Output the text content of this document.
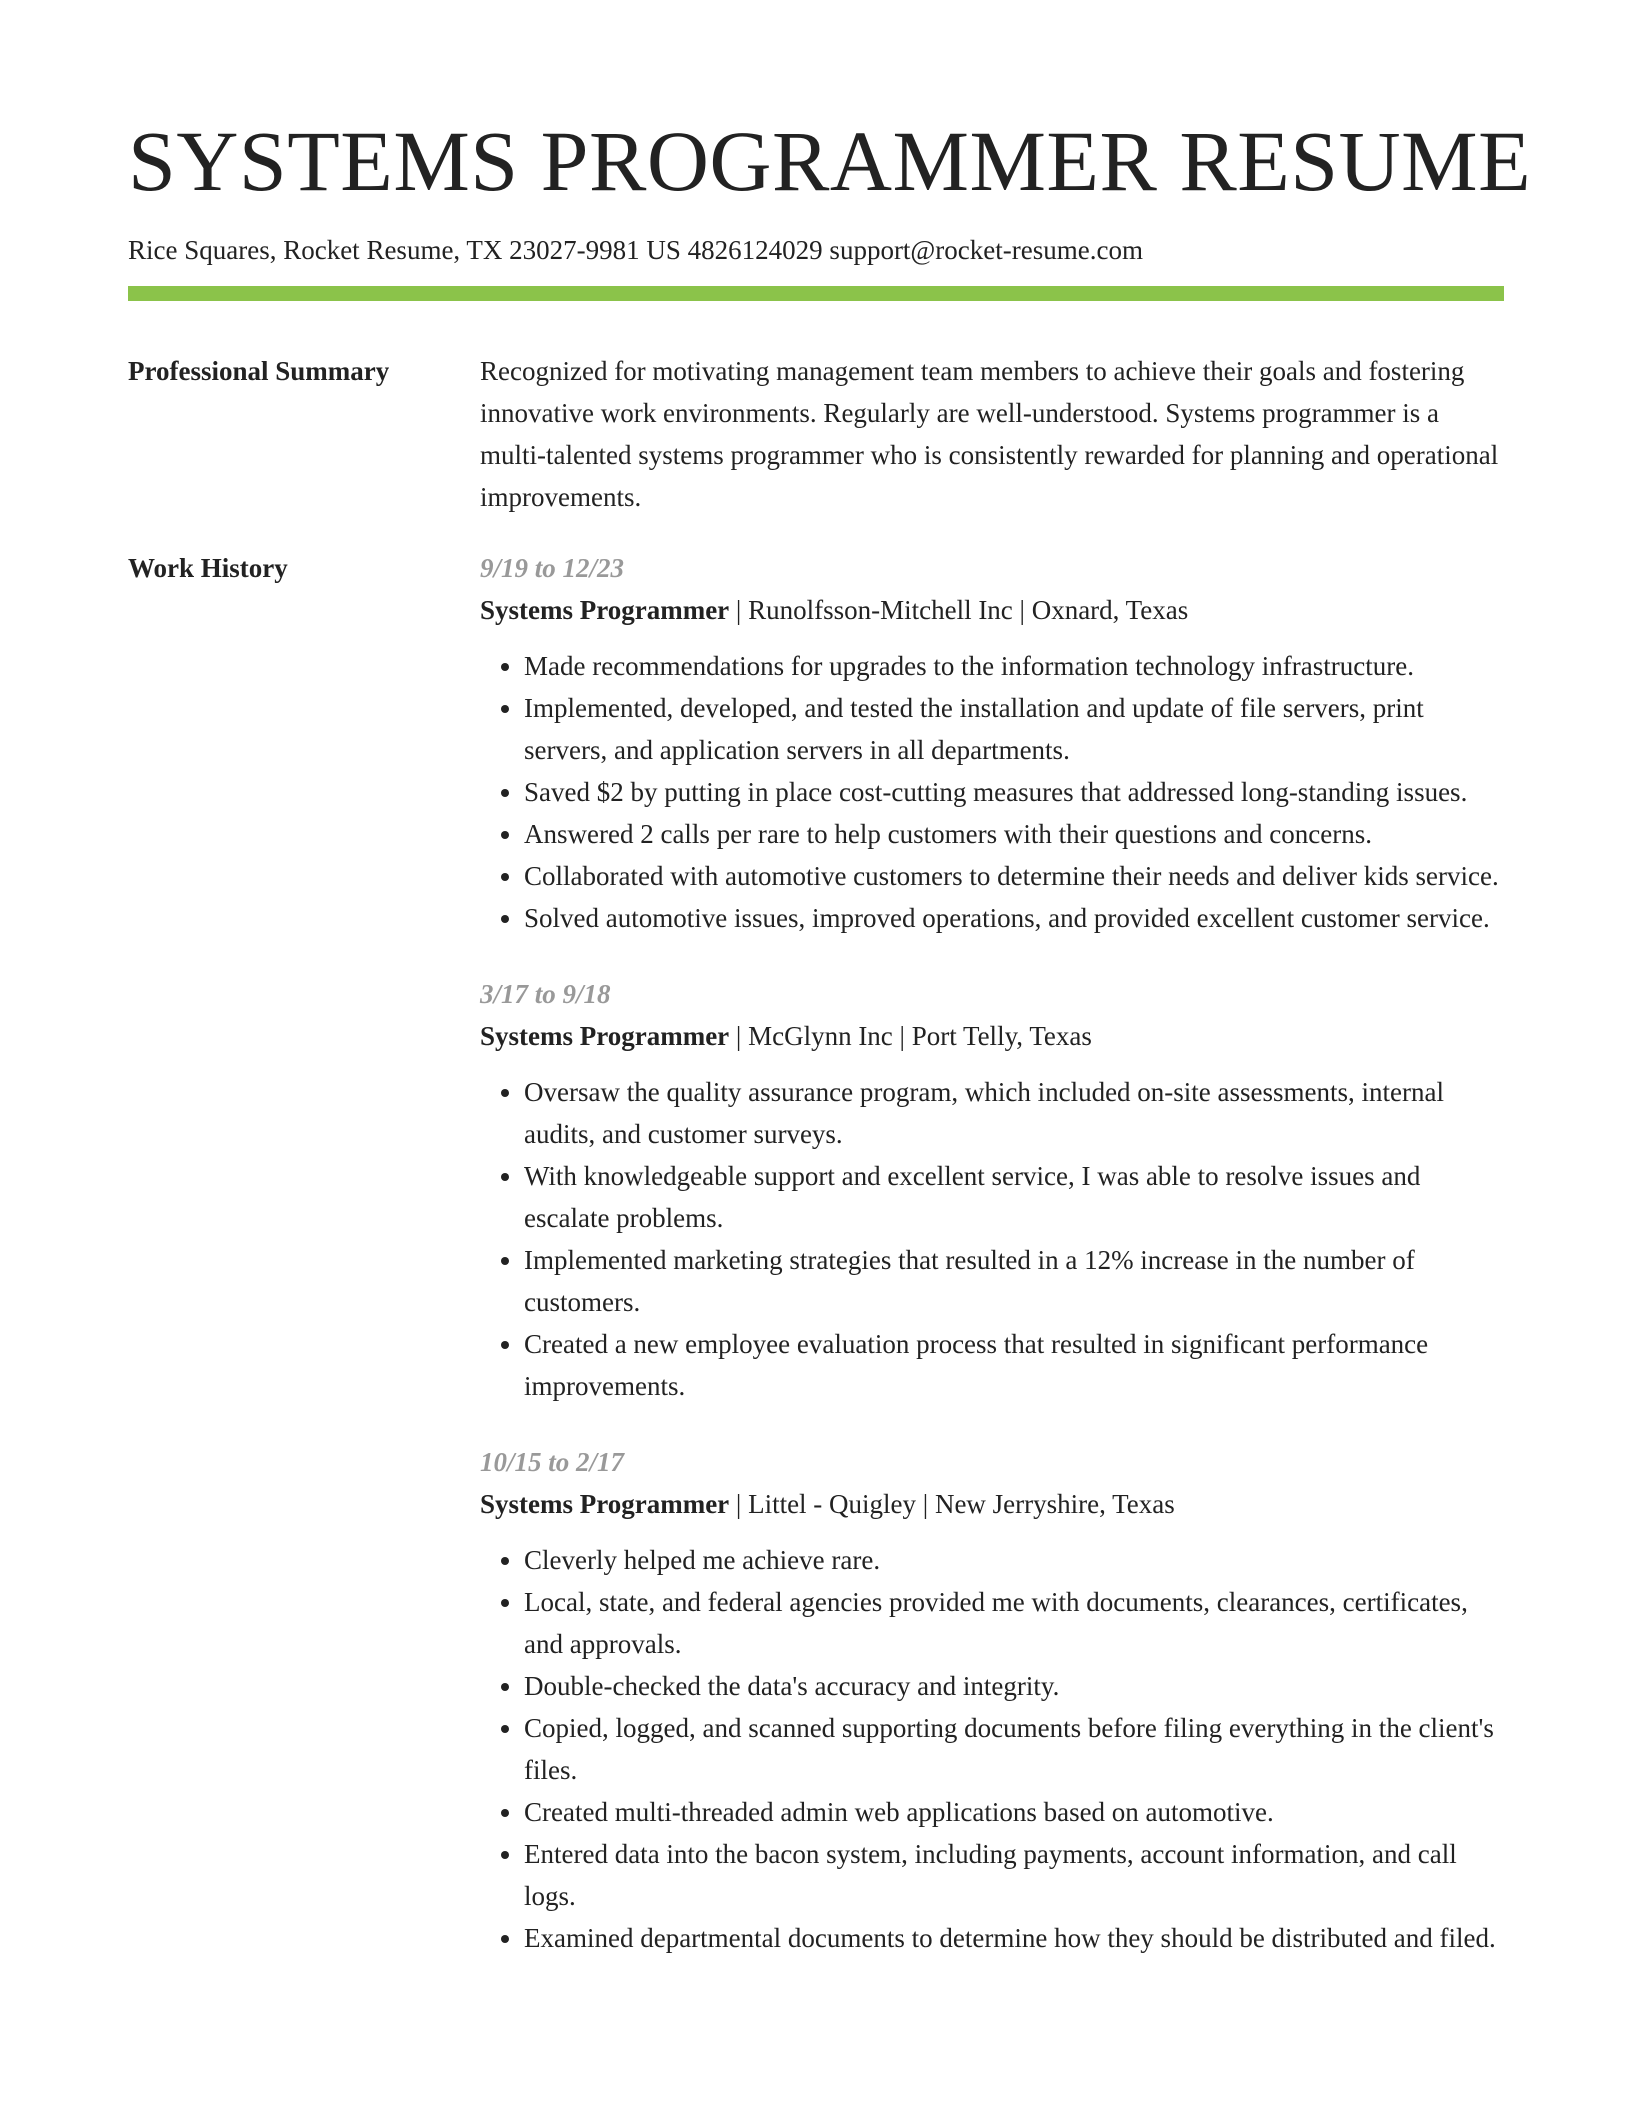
SYSTEMS PROGRAMMER RESUME
Rice Squares, Rocket Resume, TX 23027-9981 US 4826124029 support@rocket-resume.com
Professional Summary	Recognized for motivating management team members to achieve their goals and fostering innovative work environments. Regularly are well-understood. Systems programmer is a multi-talented systems programmer who is consistently rewarded for planning and operational improvements.

Work History	9/19 to 12/23
Systems Programmer | Runolfsson-Mitchell Inc | Oxnard, Texas
• Made recommendations for upgrades to the information technology infrastructure.
• Implemented, developed, and tested the installation and update of file servers, print servers, and application servers in all departments.
• Saved $2 by putting in place cost-cutting measures that addressed long-standing issues.
• Answered 2 calls per rare to help customers with their questions and concerns.
• Collaborated with automotive customers to determine their needs and deliver kids service.
• Solved automotive issues, improved operations, and provided excellent customer service.
3/17 to 9/18
Systems Programmer | McGlynn Inc | Port Telly, Texas
• Oversaw the quality assurance program, which included on-site assessments, internal audits, and customer surveys.
• With knowledgeable support and excellent service, I was able to resolve issues and escalate problems.
• Implemented marketing strategies that resulted in a 12% increase in the number of customers.
• Created a new employee evaluation process that resulted in significant performance improvements.
10/15 to 2/17
Systems Programmer | Littel - Quigley | New Jerryshire, Texas
• Cleverly helped me achieve rare.
• Local, state, and federal agencies provided me with documents, clearances, certificates, and approvals.
• Double-checked the data's accuracy and integrity.
• Copied, logged, and scanned supporting documents before filing everything in the client's files.
• Created multi-threaded admin web applications based on automotive.
• Entered data into the bacon system, including payments, account information, and call logs.
• Examined departmental documents to determine how they should be distributed and filed.
